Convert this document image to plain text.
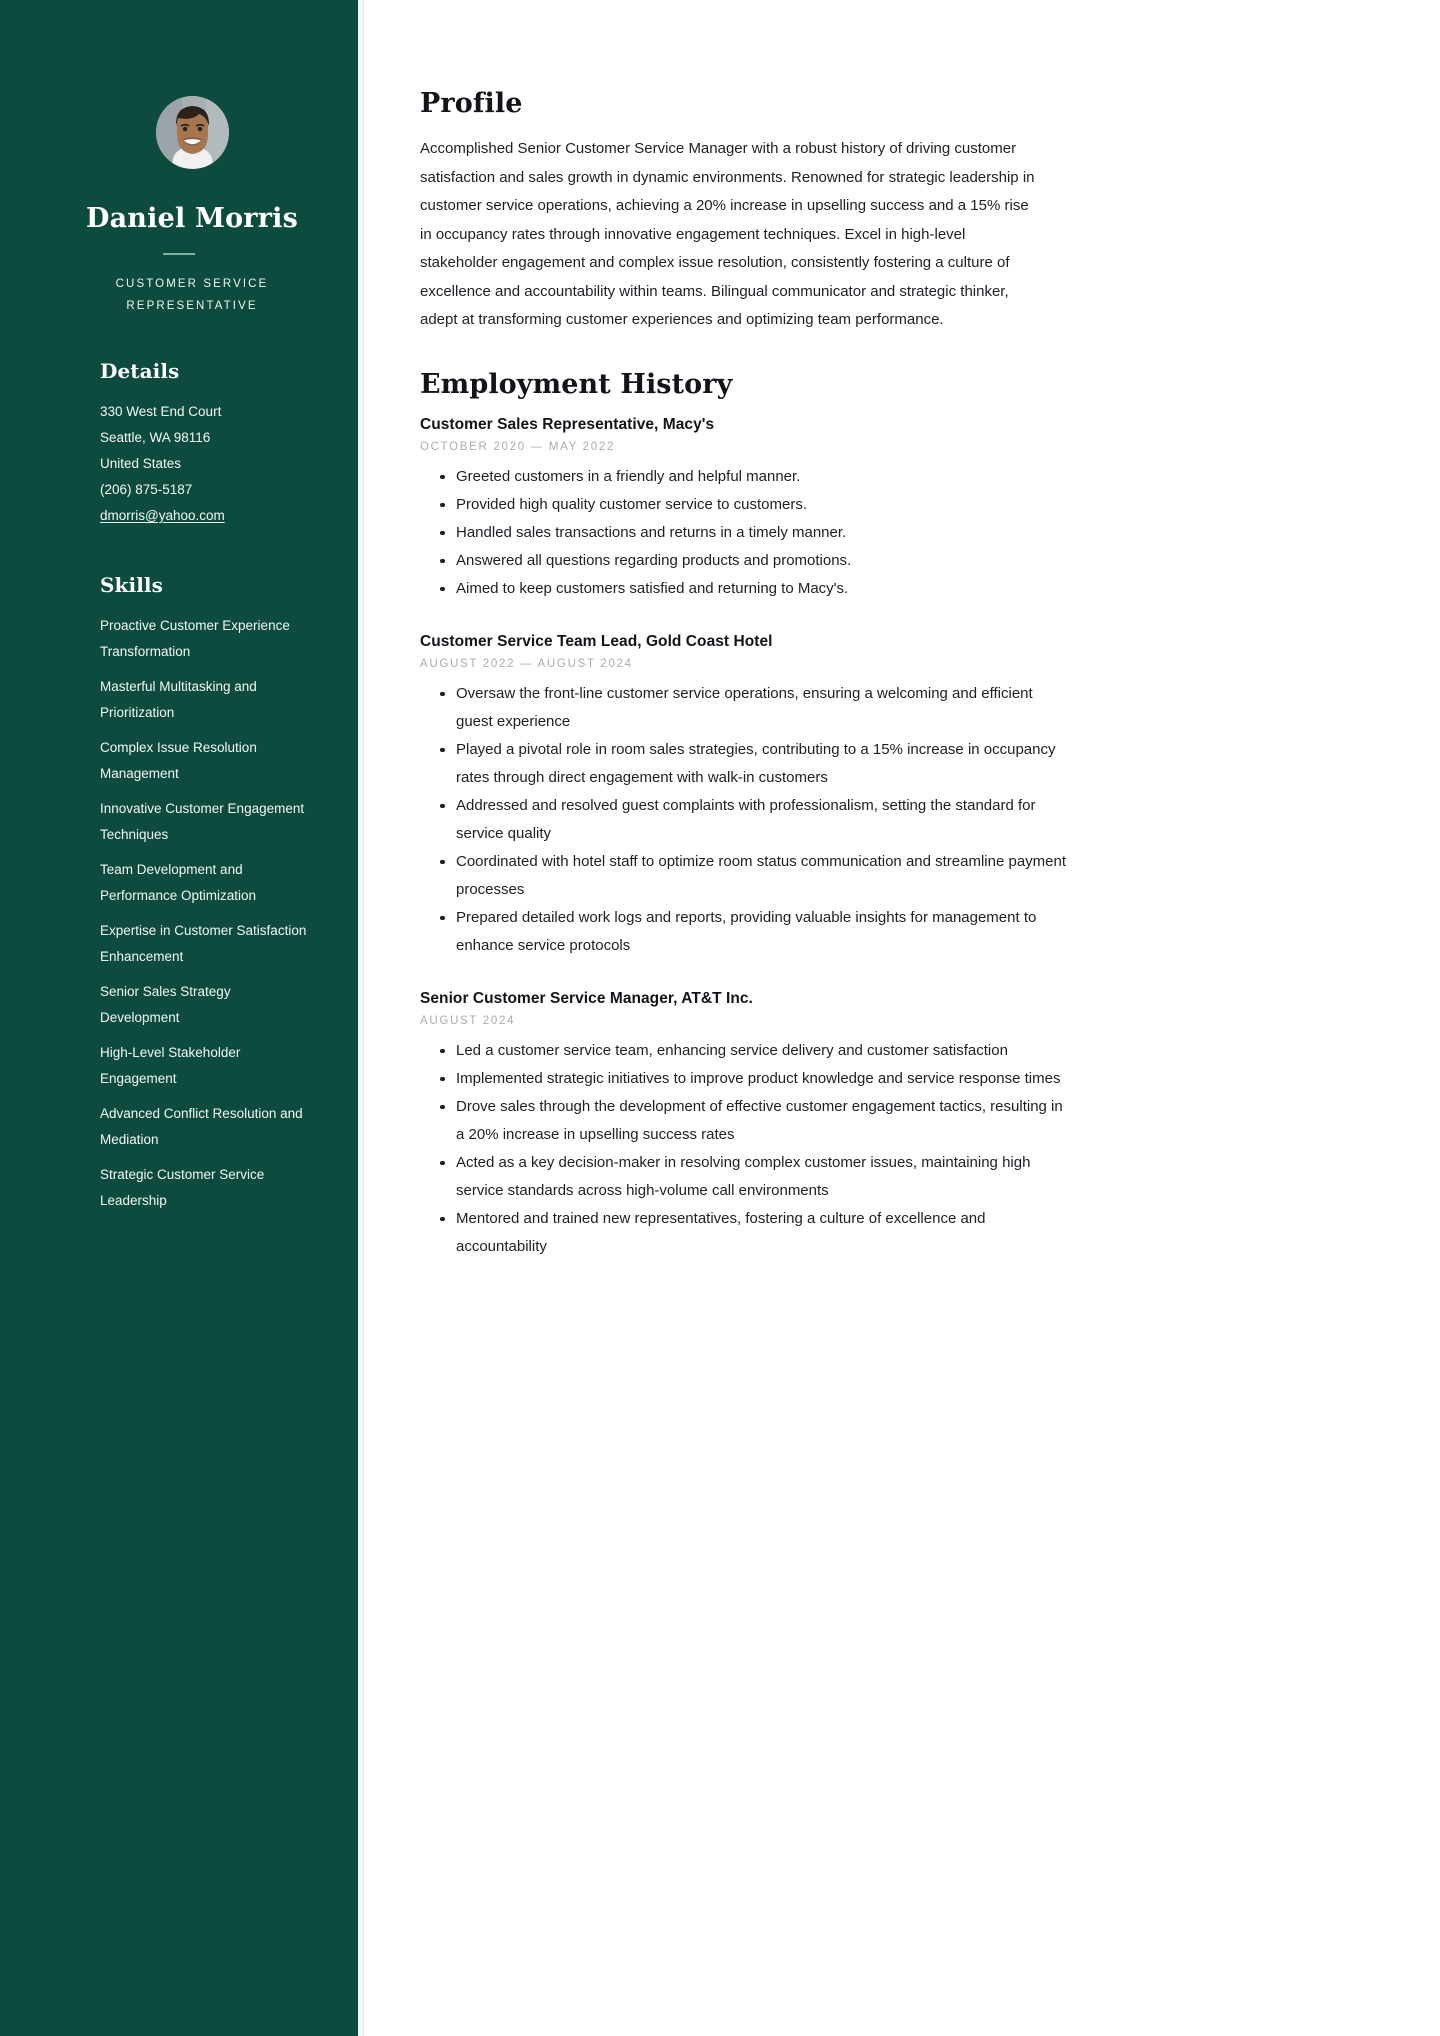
Daniel Morris
CUSTOMER SERVICE REPRESENTATIVE
Details
330 West End Court
Seattle, WA 98116
United States
(206) 875-5187
dmorris@yahoo.com
Skills
Proactive Customer Experience Transformation
Masterful Multitasking and Prioritization
Complex Issue Resolution Management
Innovative Customer Engagement Techniques
Team Development and Performance Optimization
Expertise in Customer Satisfaction Enhancement
Senior Sales Strategy Development
High-Level Stakeholder Engagement
Advanced Conflict Resolution and Mediation
Strategic Customer Service Leadership
Profile

Accomplished Senior Customer Service Manager with a robust history of driving customer satisfaction and sales growth in dynamic environments. Renowned for strategic leadership in customer service operations, achieving a 20% increase in upselling success and a 15% rise in occupancy rates through innovative engagement techniques. Excel in high-level stakeholder engagement and complex issue resolution, consistently fostering a culture of excellence and accountability within teams. Bilingual communicator and strategic thinker, adept at transforming customer experiences and optimizing team performance.

Employment History
Customer Sales Representative, Macy's
OCTOBER 2020 — MAY 2022
Greeted customers in a friendly and helpful manner.
Provided high quality customer service to customers.
Handled sales transactions and returns in a timely manner.
Answered all questions regarding products and promotions.
Aimed to keep customers satisfied and returning to Macy's.
Customer Service Team Lead, Gold Coast Hotel
AUGUST 2022 — AUGUST 2024
Oversaw the front-line customer service operations, ensuring a welcoming and efficient guest experience
Played a pivotal role in room sales strategies, contributing to a 15% increase in occupancy rates through direct engagement with walk-in customers
Addressed and resolved guest complaints with professionalism, setting the standard for service quality
Coordinated with hotel staff to optimize room status communication and streamline payment processes
Prepared detailed work logs and reports, providing valuable insights for management to enhance service protocols
Senior Customer Service Manager, AT&T Inc.
AUGUST 2024
Led a customer service team, enhancing service delivery and customer satisfaction
Implemented strategic initiatives to improve product knowledge and service response times
Drove sales through the development of effective customer engagement tactics, resulting in a 20% increase in upselling success rates
Acted as a key decision-maker in resolving complex customer issues, maintaining high service standards across high-volume call environments
Mentored and trained new representatives, fostering a culture of excellence and accountability
